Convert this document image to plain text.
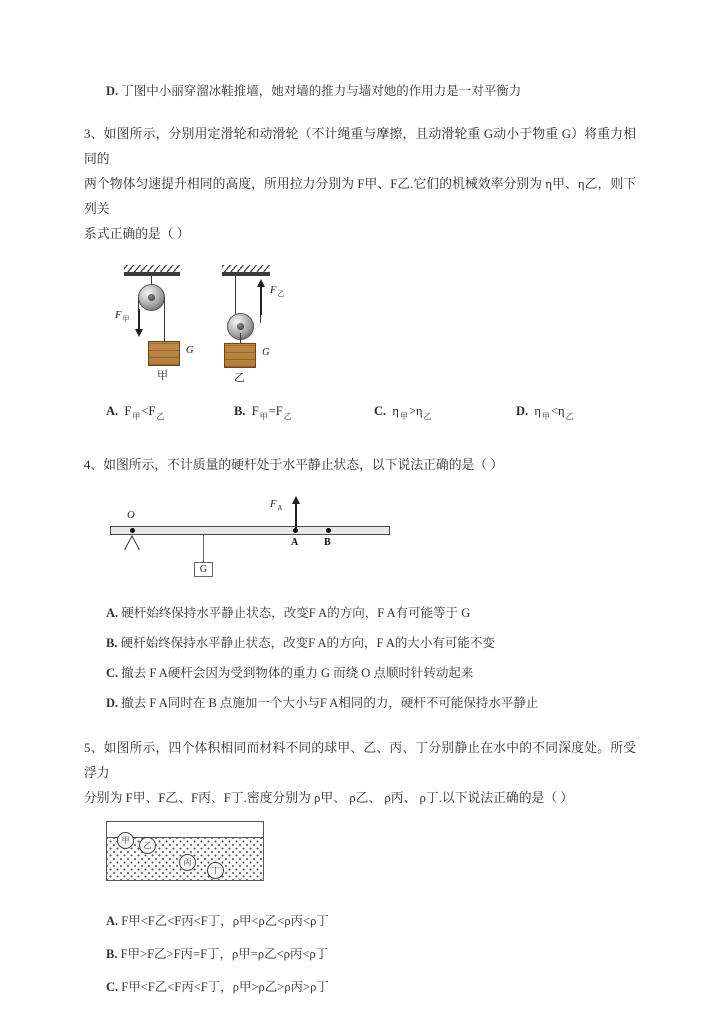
D. 丁图中小丽穿溜冰鞋推墙，她对墙的推力与墙对她的作用力是一对平衡力
3、如图所示，分别用定滑轮和动滑轮（不计绳重与摩擦，且动滑轮重 G动小于物重 G）将重力相同的
两个物体匀速提升相同的高度，所用拉力分别为 F甲、F乙.它们的机械效率分别为 η甲、η乙，则下列关
系式正确的是（ ）
$F_甲$
G
甲
$F_乙$
G
乙
A. $F_甲<F_乙$	B. $F_甲=F_乙$	C. $\eta_甲>\eta_乙$	D. $\eta_甲<\eta_乙$
4、如图所示，不计质量的硬杆处于水平静止状态，以下说法正确的是（ ）
O
G
$F_A$
A	B
A. 硬杆始终保持水平静止状态，改变F A的方向，F A有可能等于 G
B. 硬杆始终保持水平静止状态，改变F A的方向，F A的大小有可能不变
C. 撤去 F A硬杆会因为受到物体的重力 G 而绕 O 点顺时针转动起来
D. 撤去 F A同时在 B 点施加一个大小与F A相同的力，硬杆不可能保持水平静止
5、如图所示，四个体积相同而材料不同的球甲、乙、丙、丁分别静止在水中的不同深度处。所受浮力
分别为 F甲、F乙、F丙、F丁.密度分别为 ρ甲、 ρ乙、 ρ丙、 ρ丁.以下说法正确的是（ ）
甲
乙
丙
丁
A. F甲<F乙<F丙<F丁，ρ甲<ρ乙<ρ丙<ρ丁
B. F甲>F乙>F丙=F丁，ρ甲=ρ乙<ρ丙<ρ丁
C. F甲<F乙<F丙<F丁，ρ甲>ρ乙>ρ丙>ρ丁
